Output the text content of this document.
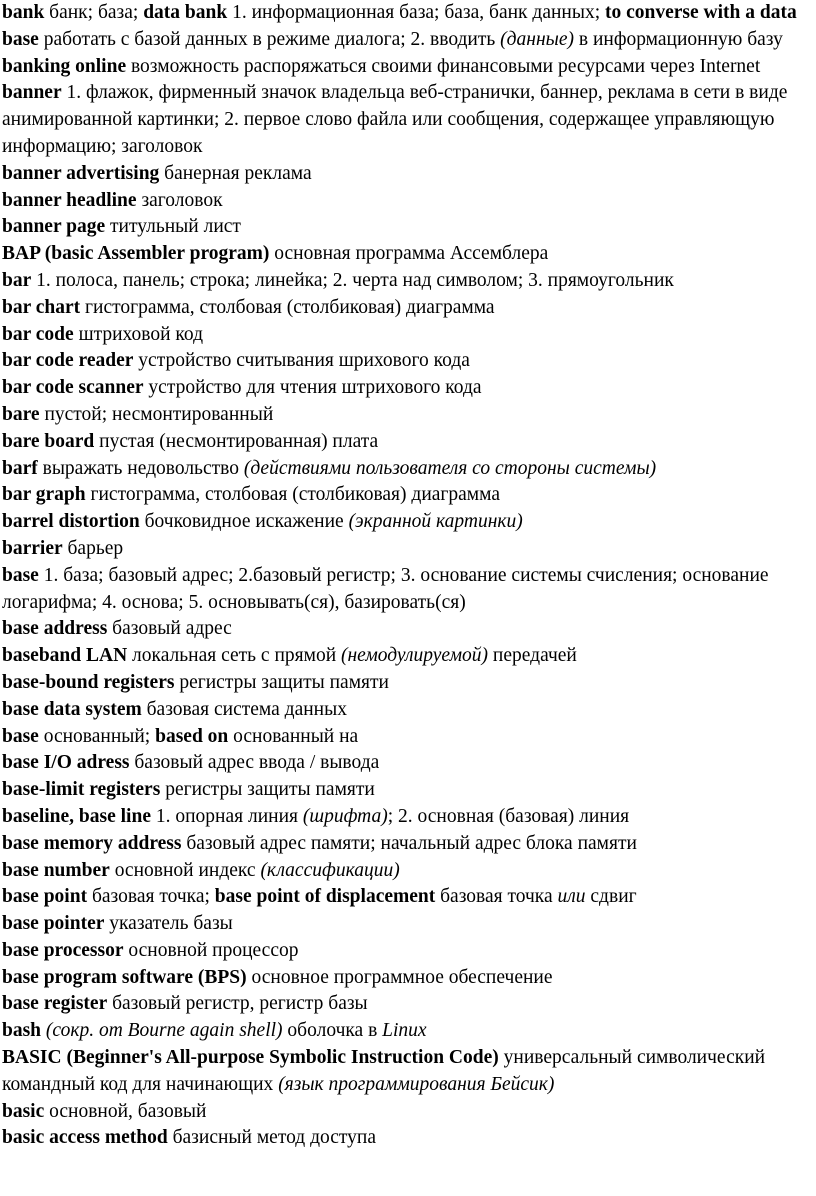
bank банк; база; data bank 1. информационная база; база, банк данных; to converse with a data base работать с базой данных в режиме диалога; 2. вводить (данные) в информационную базу

banking online возможность распоряжаться своими финансовыми ресурсами через Internet

banner 1. флажок, фирменный значок владельца веб-странички, баннер, реклама в сети в виде анимированной картинки; 2. первое слово файла или сообщения, содержащее управляющую информацию; заголовок

banner advertising банерная реклама

banner headline заголовок

banner page титульный лист

BAP (basic Assembler program) основная программа Ассемблера

bar 1. полоса, панель; строка; линейка; 2. черта над символом; 3. прямоугольник

bar chart гистограмма, столбовая (столбиковая) диаграмма

bar code штриховой код

bar code reader устройство считывания шрихового кода

bar code scanner устройство для чтения штрихового кода

bare пустой; несмонтированный

bare board пустая (несмонтированная) плата

barf выражать недовольство (действиями пользователя со стороны системы)

bar graph гистограмма, столбовая (столбиковая) диаграмма

barrel distortion бочковидное искажение (экранной картинки)

barrier барьер

base 1. база; базовый адрес; 2.базовый регистр; 3. основание системы счисления; основание логарифма; 4. основа; 5. основывать(ся), базировать(ся)

base address базовый адрес

baseband LAN локальная сеть с прямой (немодулируемой) передачей

base-bound registers регистры защиты памяти

base data system базовая система данных

base основанный; based on основанный на

base I/O adress базовый адрес ввода / вывода

base-limit registers регистры защиты памяти

baseline, base line 1. опорная линия (шрифта); 2. основная (базовая) линия

base memory address базовый адрес памяти; начальный адрес блока памяти

base number основной индекс (классификации)

base point базовая точка; base point of displacement базовая точка или сдвиг

base pointer указатель базы

base processor основной процессор

base program software (BPS) основное программное обеспечение

base register базовый регистр, регистр базы

bash (сокр. от Bourne again shell) оболочка в Linux

BASIC (Beginner's All-purpose Symbolic Instruction Code) универсальный символический командный код для начинающих (язык программирования Бейсик)

basic основной, базовый

basic access method базисный метод доступа
